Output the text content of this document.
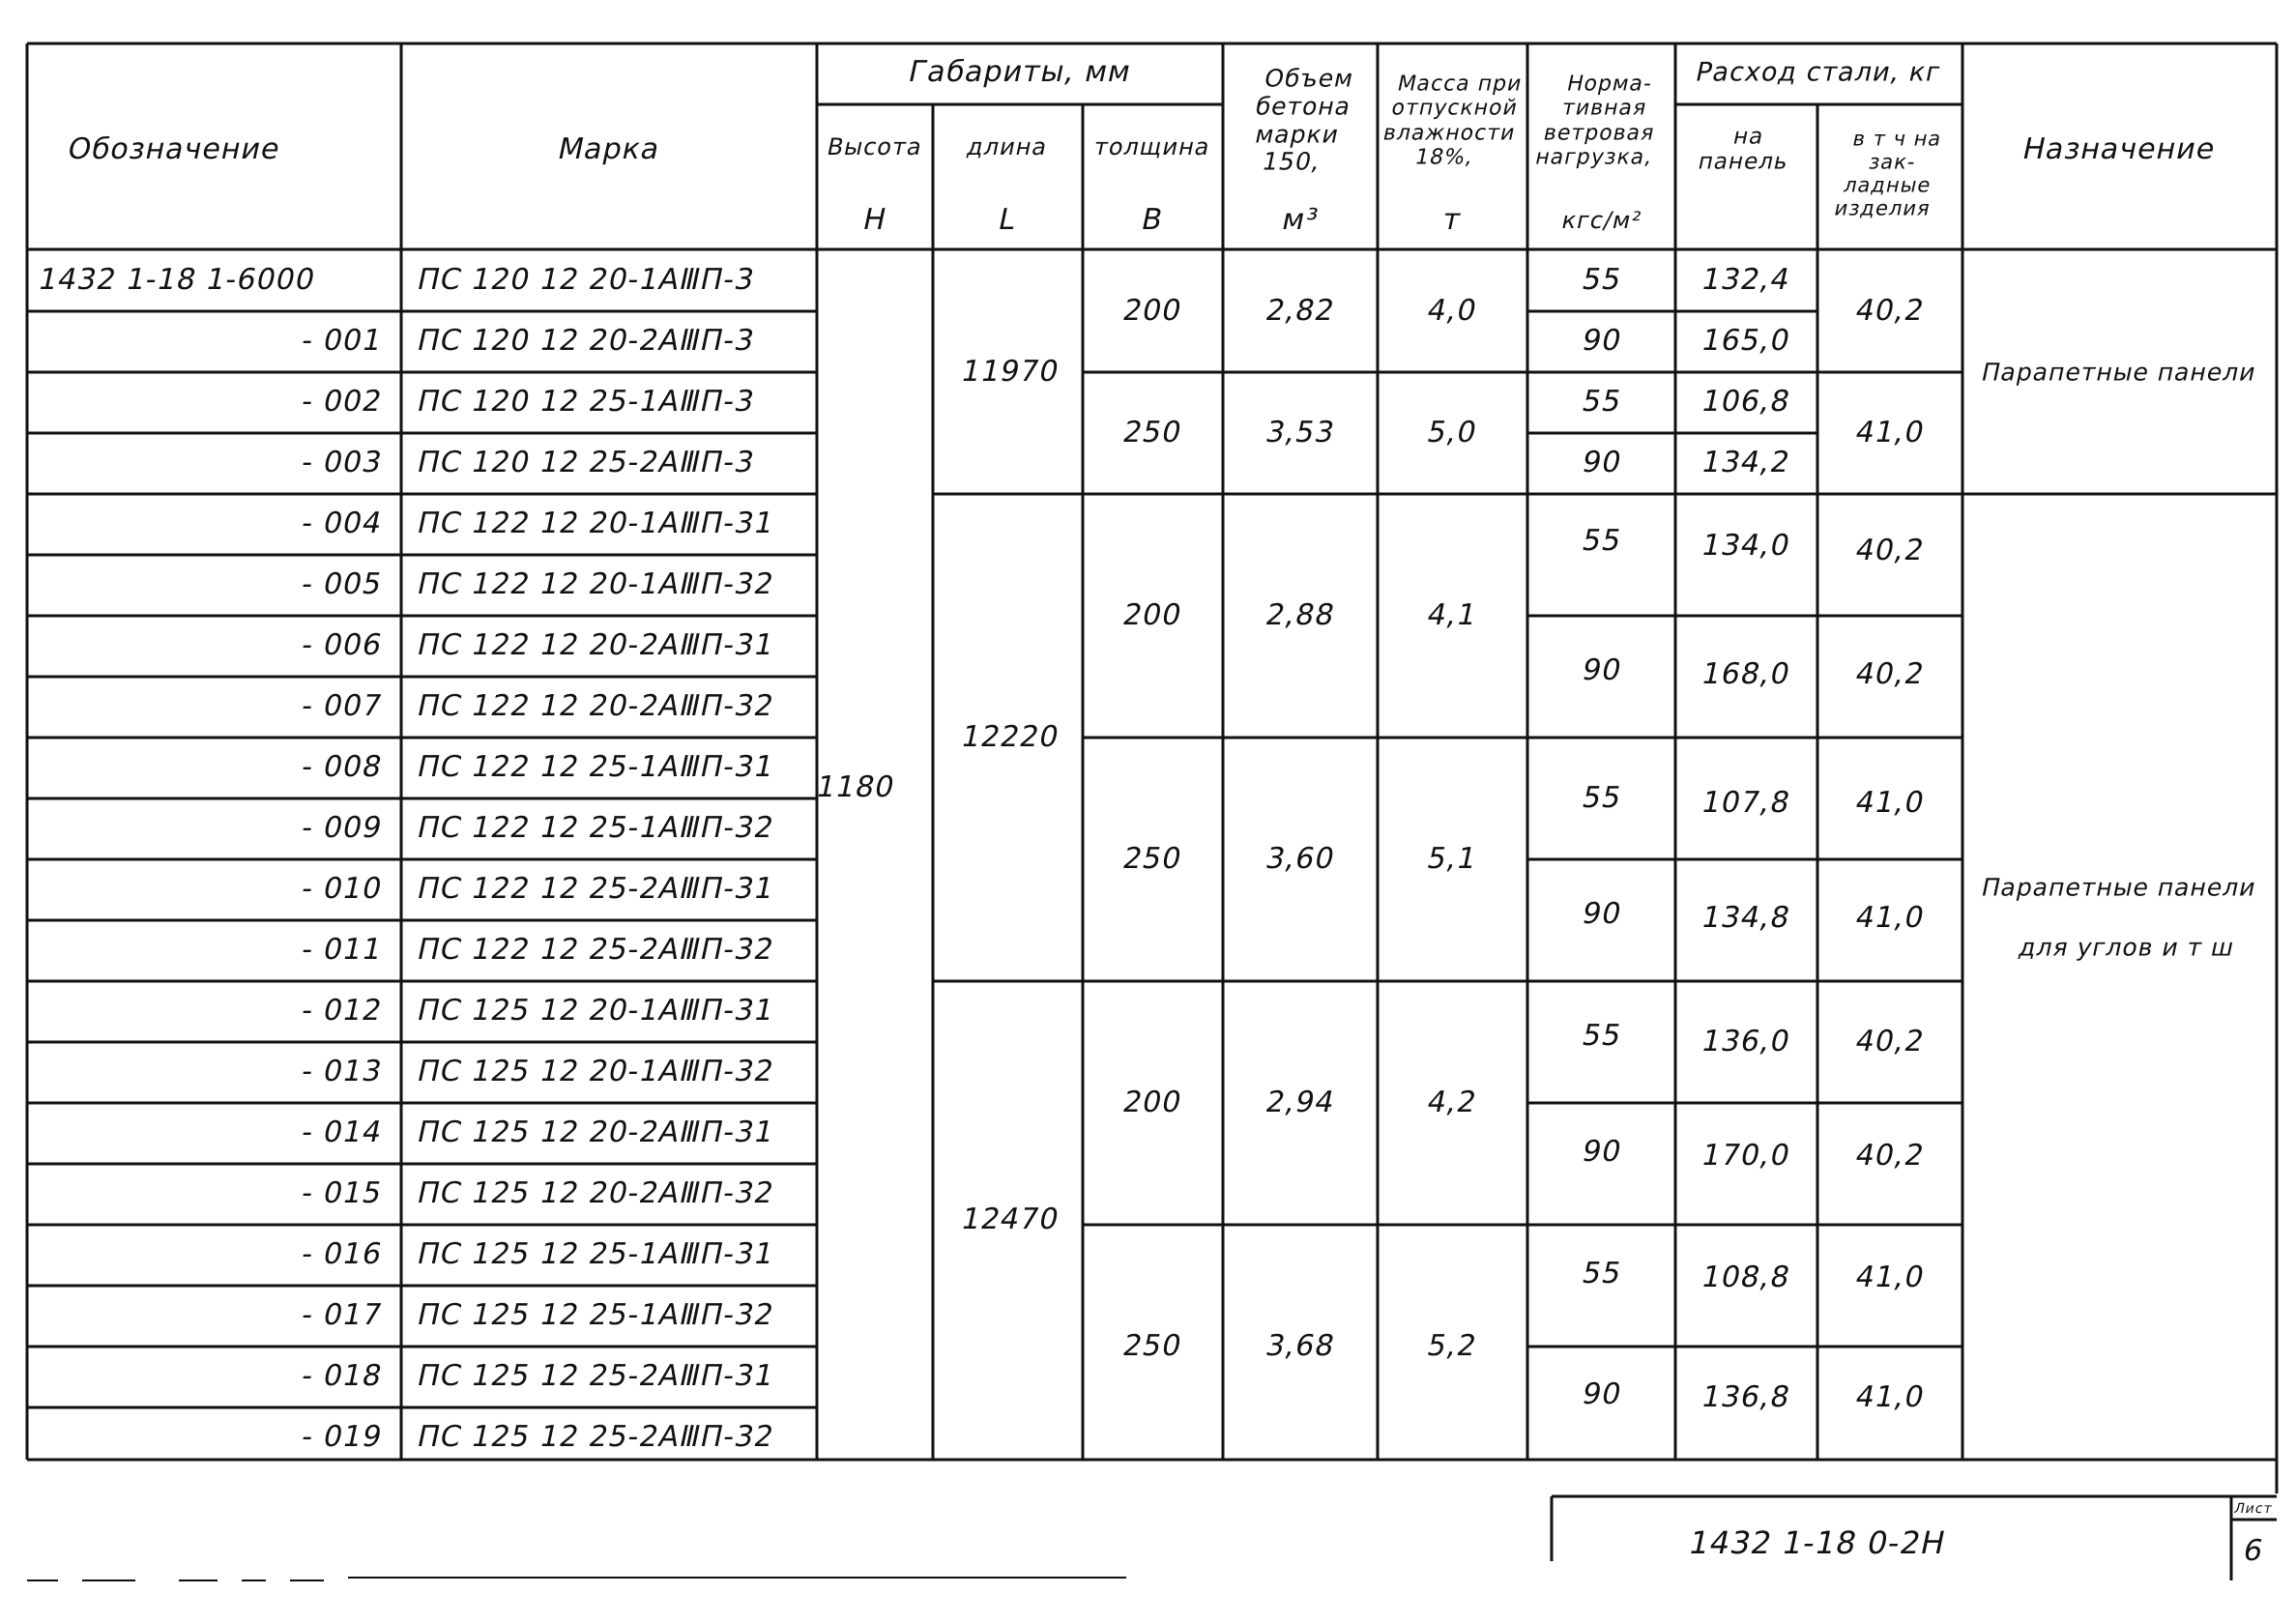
Обозначение	Марка
Габариты, мм
Высота
Н
длина
L
толщина
В
Объем бетона марки 150,
м³
Масса при отпускной влажности 18%,
т
Норма-тивная ветровая нагрузка,
кгс/м²
Расход стали, кг
на панель
в т ч на зак-ладные изделия
Назначение
1432 1-18 1-6000
- 001
- 002
- 003
- 004
- 005
- 006
- 007
- 008
- 009
- 010
- 011
- 012
- 013
- 014
- 015
- 016
- 017
- 018
- 019
ПС 120 12 20-1АⅢП-3
ПС 120 12 20-2АⅢП-3
ПС 120 12 25-1АⅢП-3
ПС 120 12 25-2АⅢП-3
ПС 122 12 20-1АⅢП-31
ПС 122 12 20-1АⅢП-32
ПС 122 12 20-2АⅢП-31
ПС 122 12 20-2АⅢП-32
ПС 122 12 25-1АⅢП-31
ПС 122 12 25-1АⅢП-32
ПС 122 12 25-2АⅢП-31
ПС 122 12 25-2АⅢП-32
ПС 125 12 20-1АⅢП-31
ПС 125 12 20-1АⅢП-32
ПС 125 12 20-2АⅢП-31
ПС 125 12 20-2АⅢП-32
ПС 125 12 25-1АⅢП-31
ПС 125 12 25-1АⅢП-32
ПС 125 12 25-2АⅢП-31
ПС 125 12 25-2АⅢП-32
1180
11970
12220
12470
200
250
200
250
200
250
2,82
3,53
2,88
3,60
2,94
3,68
4,0
5,0
4,1
5,1
4,2
5,2
55
90
55
90
55
90
55
90
55
90
55
90
132,4
165,0
106,8
134,2
134,0
168,0
107,8
134,8
136,0
170,0
108,8
136,8
40,2
41,0
40,2
40,2
41,0
41,0
40,2
40,2
41,0
41,0
Парапетные панели
Парапетные панели
для углов и т ш
1432 1-18 0-2Н
Лист
6
